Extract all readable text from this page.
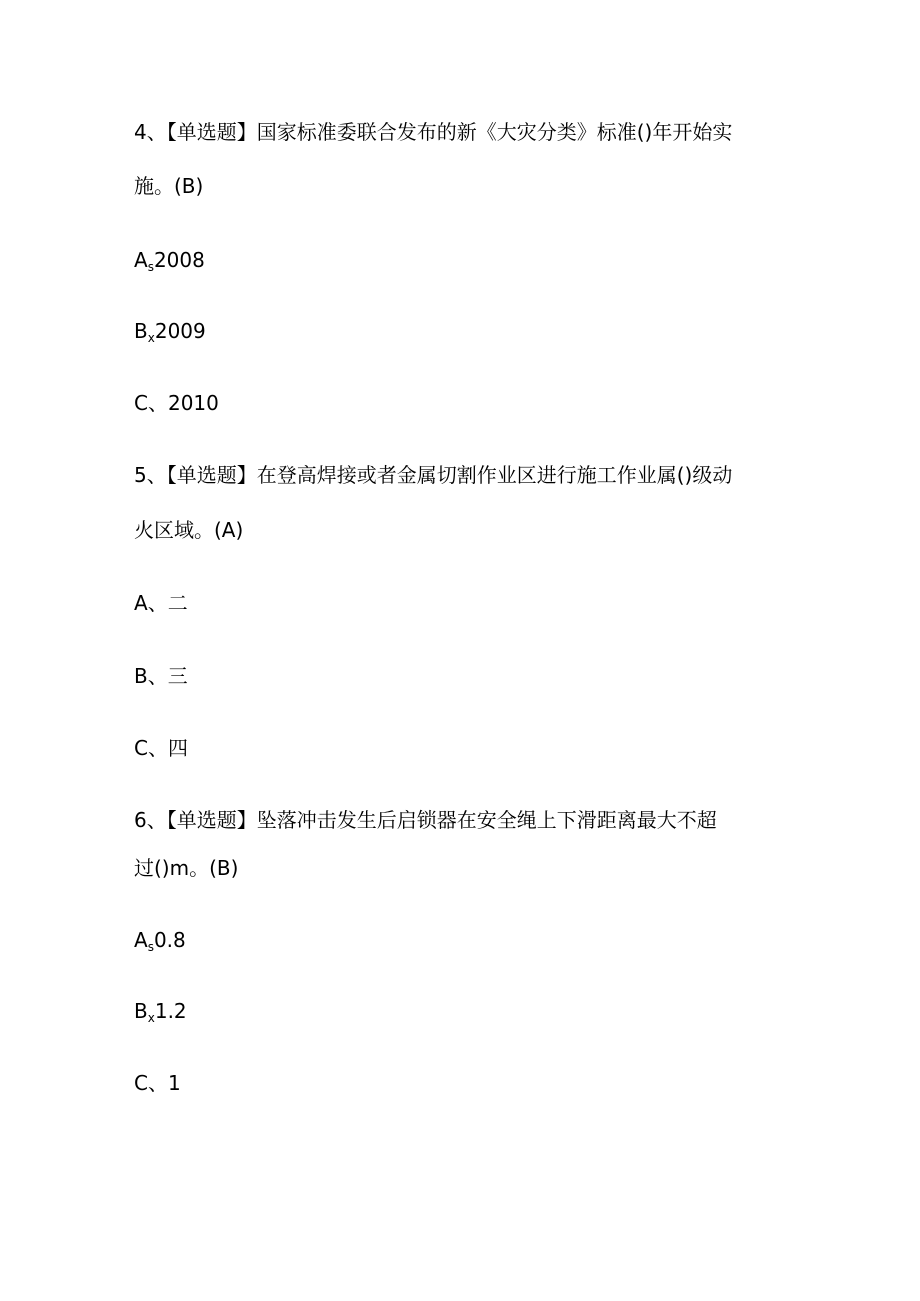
4、【单选题】国家标准委联合发布的新《大灾分类》标准()年开始实
施。(B)
$A_s2008$
$B_x2009$
C、2010
5、【单选题】在登高焊接或者金属切割作业区进行施工作业属()级动
火区域。(A)
A、二
B、三
C、四
6、【单选题】坠落冲击发生后启锁器在安全绳上下滑距离最大不超
过()m。(B)
$A_s0.8$
$B_x1.2$
C、1
